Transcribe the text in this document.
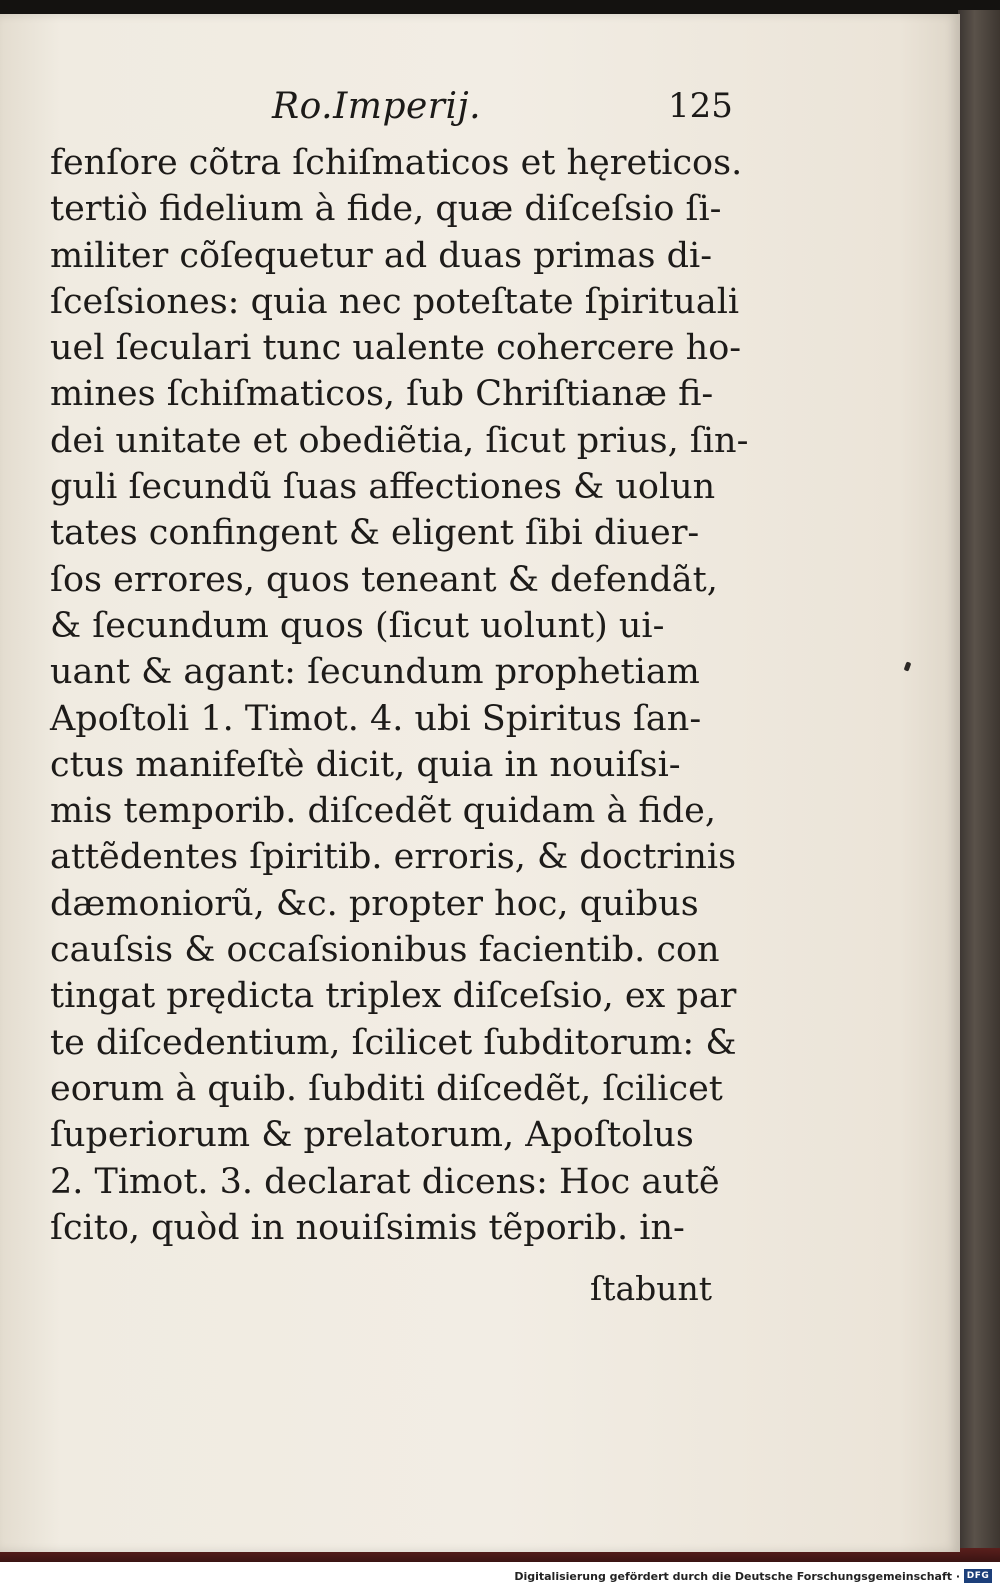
Ro.Imperij.	125
fenſore cõtra ſchiſmaticos et hęreticos.
tertiò fidelium à fide, quæ diſceſsio ſi-
militer cõſequetur ad duas primas di-
ſceſsiones: quia nec poteſtate ſpirituali
uel ſeculari tunc ualente cohercere ho-
mines ſchiſmaticos, ſub Chriſtianæ fi-
dei unitate et obediẽtia, ſicut prius, ſin-
guli ſecundũ ſuas affectiones & uolun
tates confingent & eligent ſibi diuer-
ſos errores, quos teneant & defendãt,
& ſecundum quos (ſicut uolunt) ui-
uant & agant: ſecundum prophetiam
Apoſtoli 1. Timot. 4. ubi Spiritus ſan-
ctus manifeſtè dicit, quia in nouiſsi-
mis temporib. diſcedẽt quidam à fide,
attẽdentes ſpiritib. erroris, & doctrinis
dæmoniorũ, &c. propter hoc, quibus
cauſsis & occaſsionibus facientib. con
tingat prędicta triplex diſceſsio, ex par
te diſcedentium, ſcilicet ſubditorum: &
eorum à quib. ſubditi diſcedẽt, ſcilicet
ſuperiorum & prelatorum, Apoſtolus
2. Timot. 3. declarat dicens: Hoc autẽ
ſcito, quòd in nouiſsimis tẽporib. in-
ſtabunt
Digitalisierung gefördert durch die Deutsche Forschungsgemeinschaft · DFG
